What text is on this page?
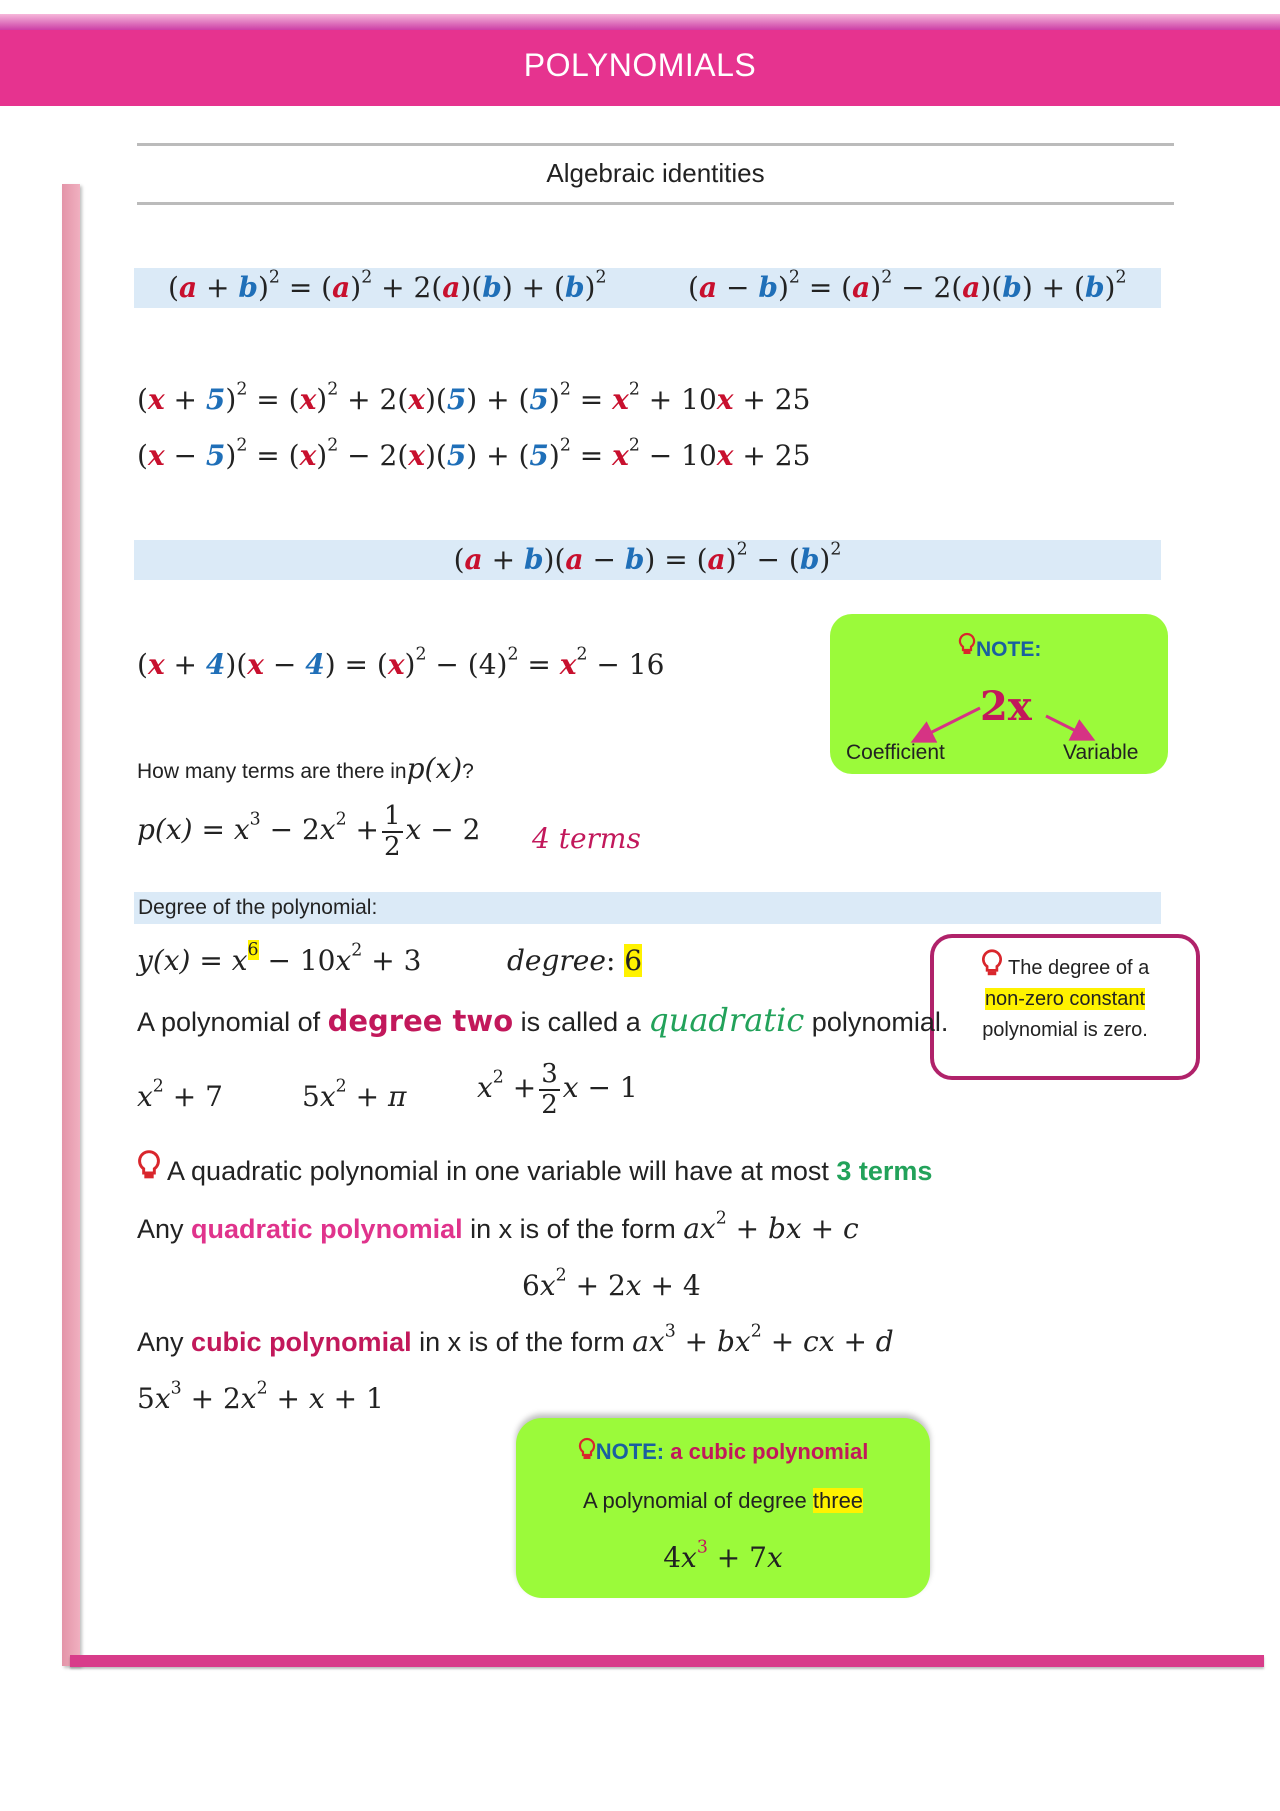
POLYNOMIALS
Algebraic identities
$(a + b)^2 = (a)^2 + 2(a)(b) + (b)^2$	$(a - b)^2 = (a)^2 - 2(a)(b) + (b)^2$
$(x + 5)^2 = (x)^2 + 2(x)(5) + (5)^2 = x^2 + 10x + 25$
$(x - 5)^2 = (x)^2 - 2(x)(5) + (5)^2 = x^2 - 10x + 25$
$(a + b)(a - b) = (a)^2 - (b)^2$
$(x + 4)(x - 4) = (x)^2 - (4)^2 = x^2 - 16$	NOTE:
2x
Coefficient	Variable
How many terms are there inp(x)?
$p(x) = x^3 - 2x^2 + \frac{1}{2}$ x − 2 4 terms
Degree of the polynomial:
$y(x) = x^6 - 10x^2 + 3$	degree: 6	The degree of a
non-zero constant
polynomial is zero.
A polynomial of degree two is called a quadratic polynomial.
$x^2 + 7$	$5x^2 + \pi$	$x^2 + \frac{3}{2}$ x − 1
A quadratic polynomial in one variable will have at most 3 terms
Any quadratic polynomial in x is of the form $ax^2$ + bx + c
$6x^2 + 2x + 4$
Any cubic polynomial in x is of the form $ax^3 + bx^2$ + cx + d
$5x^3 + 2x^2 + x + 1$
NOTE: a cubic polynomial
A polynomial of degree three
$4x^3 + 7x$
